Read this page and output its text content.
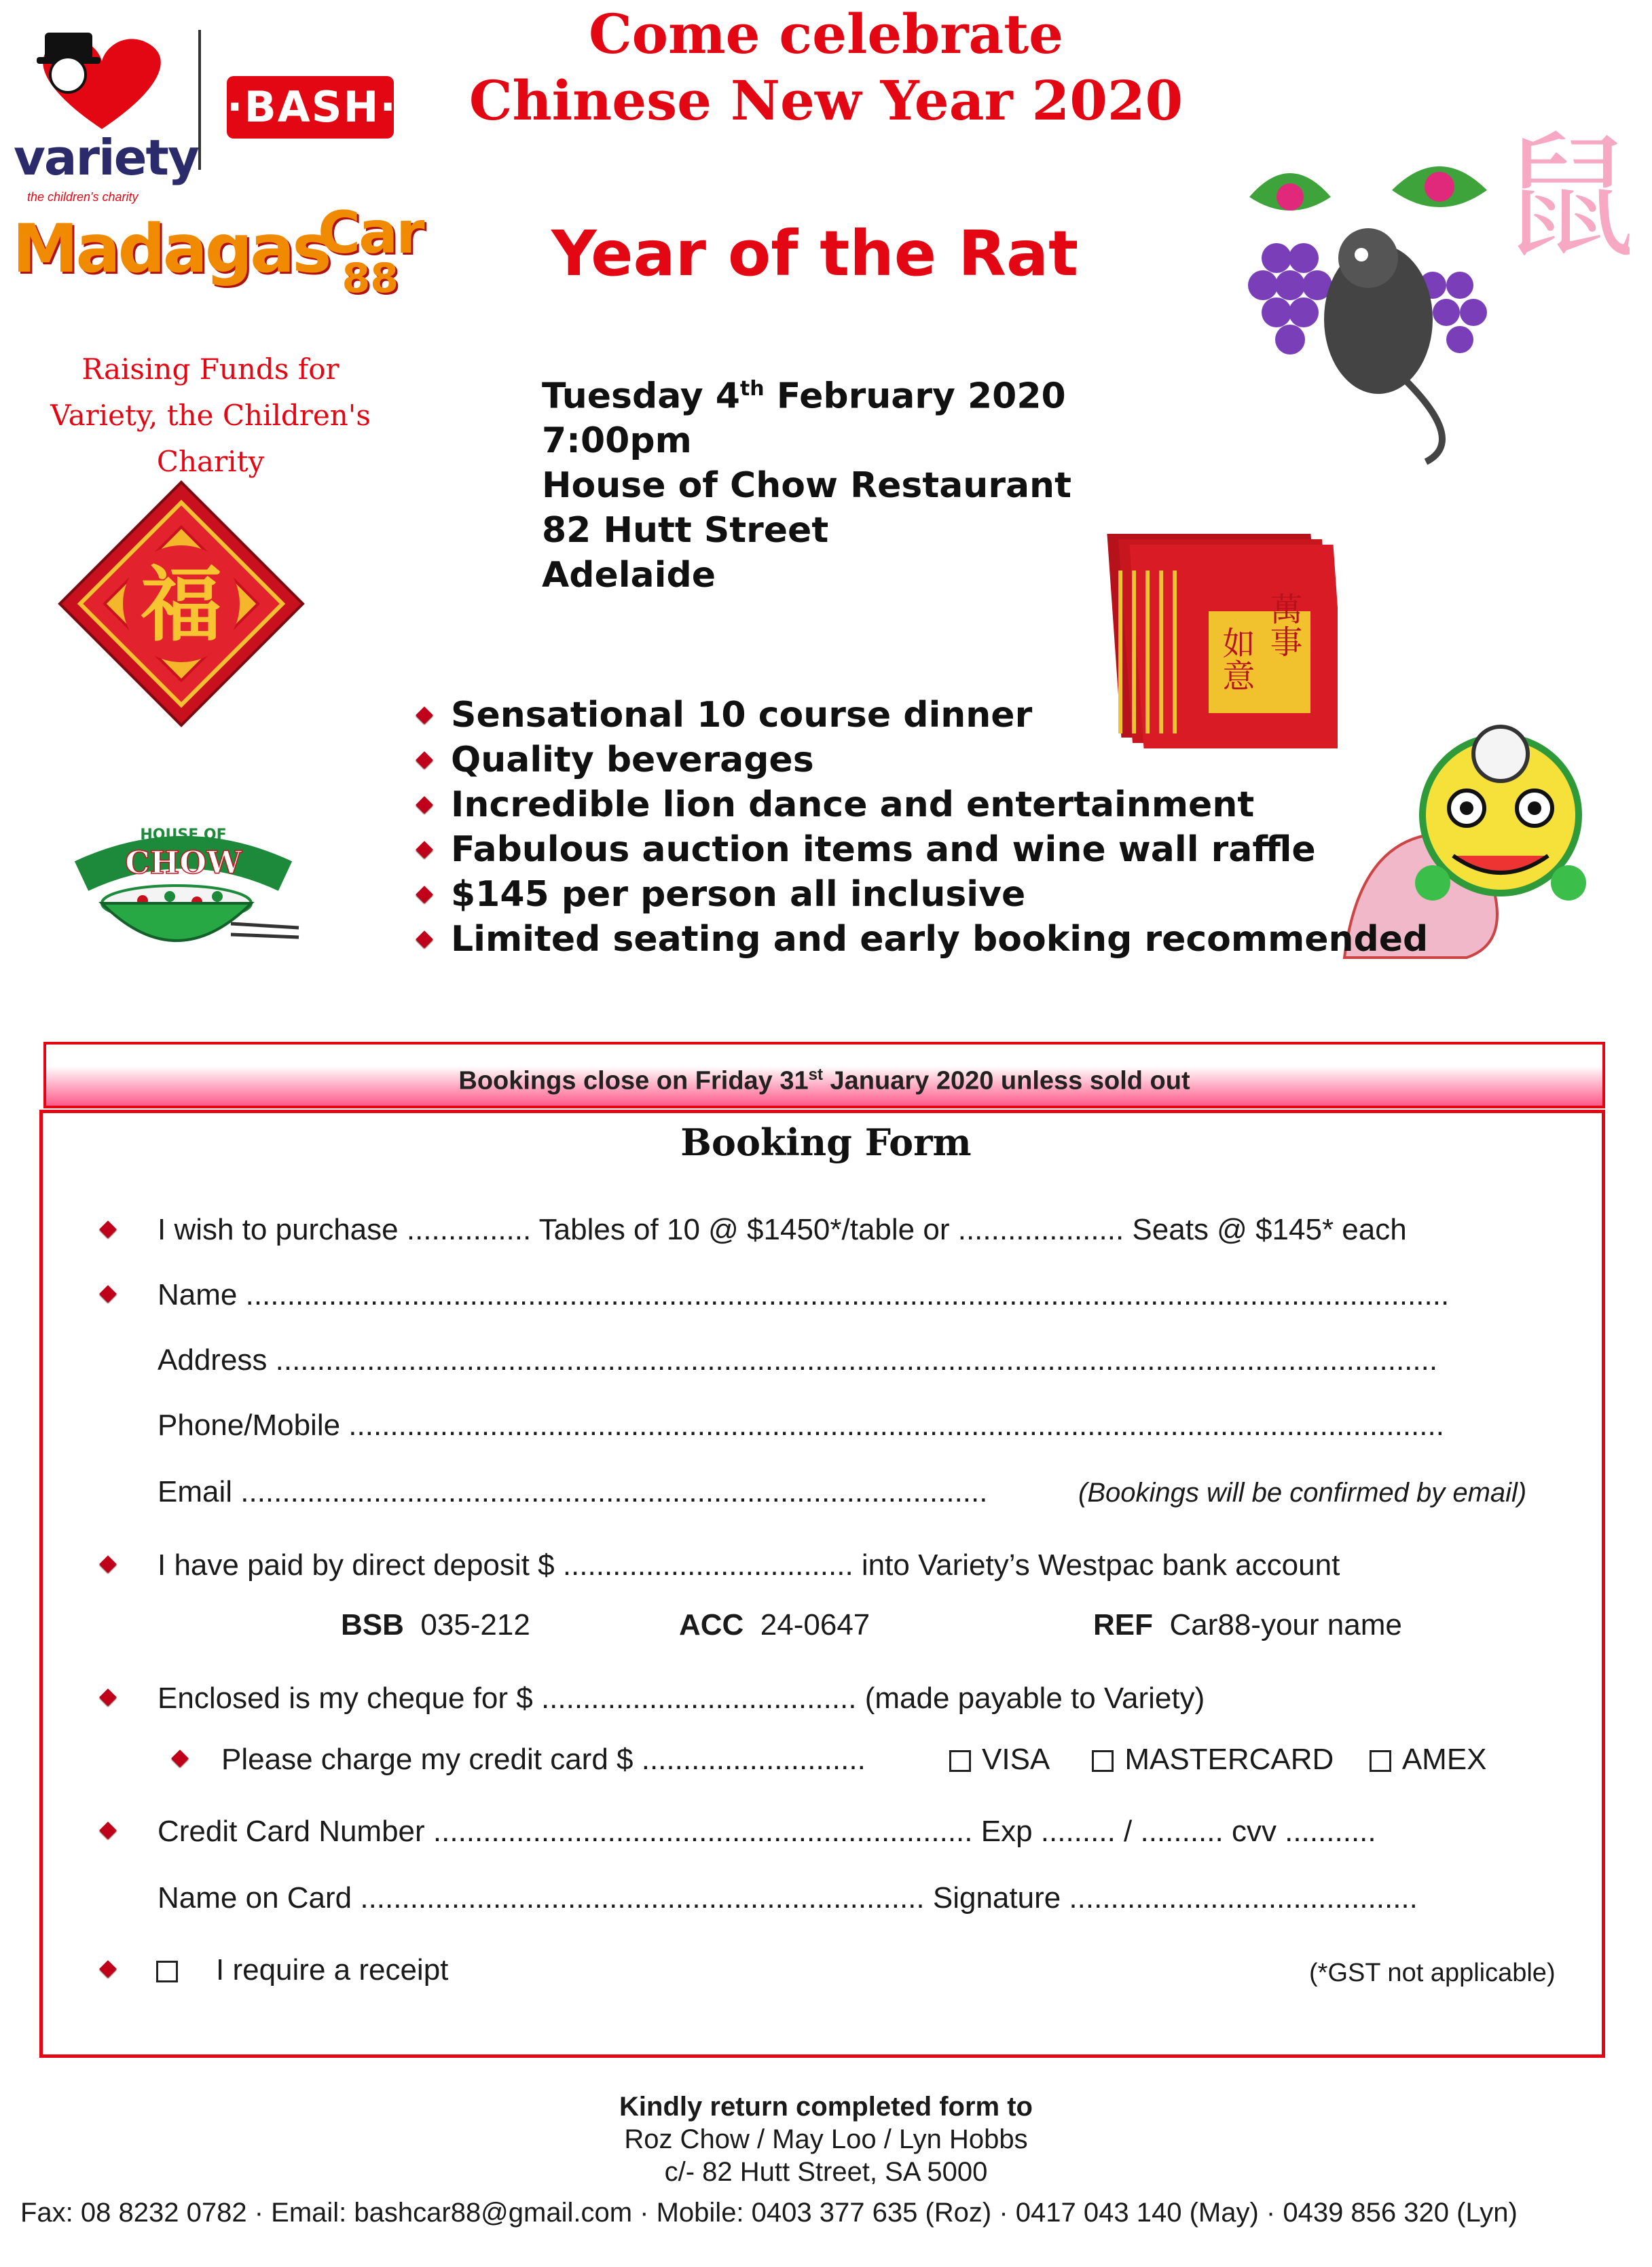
Come celebrate
Chinese New Year 2020
Year of the Rat
variety
the children's charity
·BASH·
Madagas
Car
88
Raising Funds for
Variety, the Children's Charity
福
HOUSE OF
CHOW
鼠
如意
萬事
Tuesday 4th February 2020
7:00pm
House of Chow Restaurant
82 Hutt Street
Adelaide
Sensational 10 course dinner
Quality beverages
Incredible lion dance and entertainment
Fabulous auction items and wine wall raffle
$145 per person all inclusive
Limited seating and early booking recommended
Bookings close on Friday 31st January 2020 unless sold out
Booking Form
I wish to purchase ............... Tables of 10 @ $1450*/table or .................... Seats @ $145* each
Name .................................................................................................................................................
Address ............................................................................................................................................
Phone/Mobile ....................................................................................................................................
Email ..........................................................................................	(Bookings will be confirmed by email)
I have paid by direct deposit $ ................................... into Variety’s Westpac bank account
BSB 035-212	ACC 24-0647	REF Car88-your name
Enclosed is my cheque for $ ...................................... (made payable to Variety)
Please charge my credit card $ ...........................	VISA	MASTERCARD AMEX
Credit Card Number ................................................................. Exp ......... / .......... cvv ...........
Name on Card .................................................................... Signature ..........................................
I require a receipt	(*GST not applicable)
Kindly return completed form to
Roz Chow / May Loo / Lyn Hobbs
c/- 82 Hutt Street, SA 5000
Fax: 08 8232 0782 · Email: bashcar88@gmail.com · Mobile: 0403 377 635 (Roz) · 0417 043 140 (May) · 0439 856 320 (Lyn)
